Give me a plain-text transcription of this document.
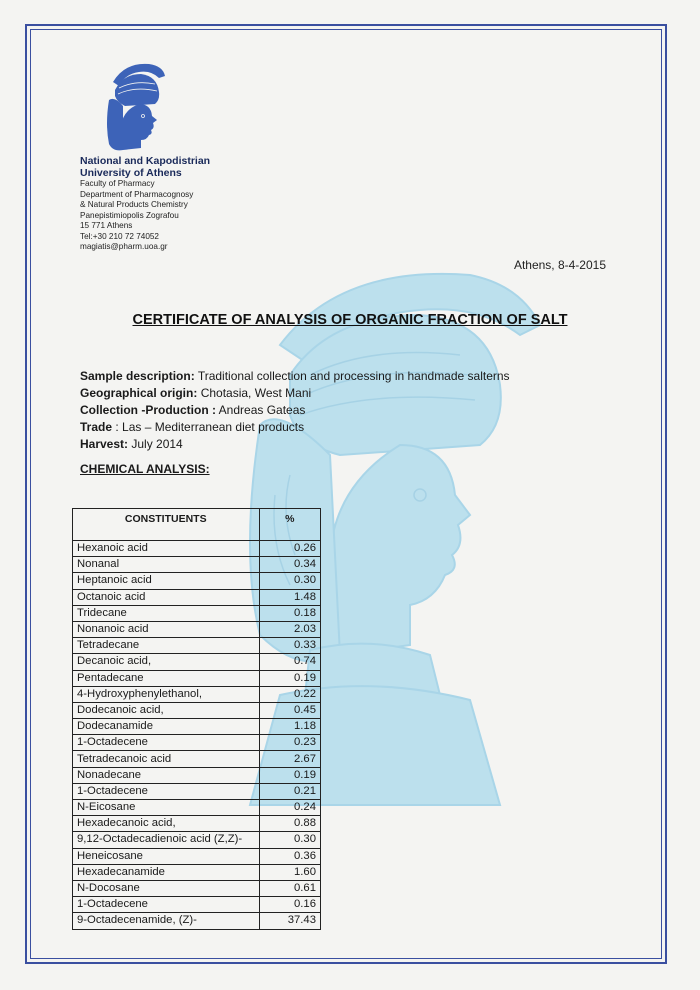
National and Kapodistrian
University of Athens
Faculty of Pharmacy
Department of Pharmacognosy
& Natural Products Chemistry
Panepistimiopolis Zografou
15 771 Athens
Tel:+30 210 72 74052
magiatis@pharm.uoa.gr
Athens, 8-4-2015
CERTIFICATE OF ANALYSIS OF ORGANIC FRACTION OF SALT
Sample description: Traditional collection and processing in handmade salterns
Geographical origin: Chotasia, West Mani
Collection -Production : Andreas Gateas
Trade : Las – Mediterranean diet products
Harvest: July 2014
CHEMICAL ANALYSIS:
CONSTITUENTS	%
Hexanoic acid	0.26
Nonanal	0.34
Heptanoic acid	0.30
Octanoic acid	1.48
Tridecane	0.18
Nonanoic acid	2.03
Tetradecane	0.33
Decanoic acid,	0.74
Pentadecane	0.19
4-Hydroxyphenylethanol,	0.22
Dodecanoic acid,	0.45
Dodecanamide	1.18
1-Octadecene	0.23
Tetradecanoic acid	2.67
Nonadecane	0.19
1-Octadecene	0.21
N-Eicosane	0.24
Hexadecanoic acid,	0.88
9,12-Octadecadienoic acid (Z,Z)-	0.30
Heneicosane	0.36
Hexadecanamide	1.60
N-Docosane	0.61
1-Octadecene	0.16
9-Octadecenamide, (Z)-	37.43
